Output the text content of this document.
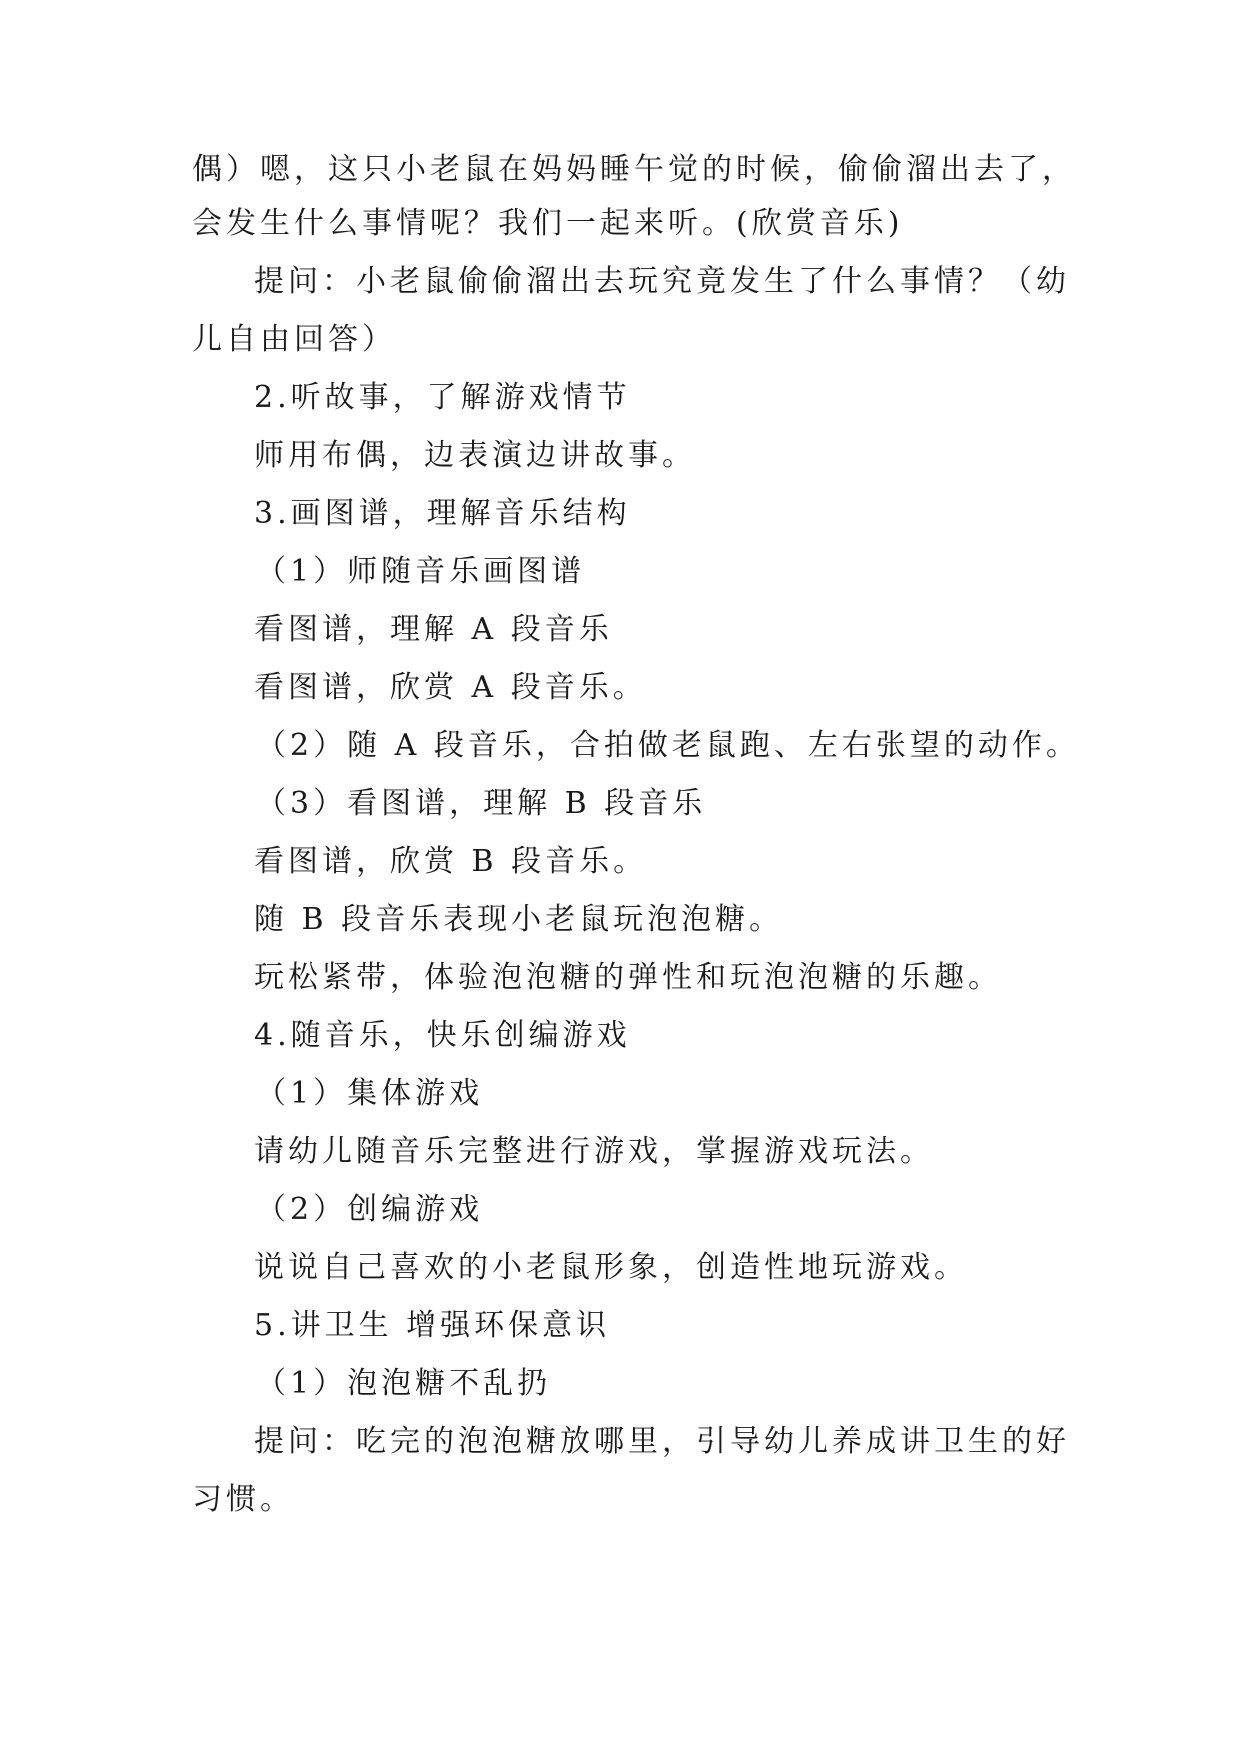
偶）嗯，这只小老鼠在妈妈睡午觉的时候，偷偷溜出去了，
会发生什么事情呢？我们一起来听。(欣赏音乐)
提问：小老鼠偷偷溜出去玩究竟发生了什么事情？（幼
儿自由回答）
2.听故事，了解游戏情节
师用布偶，边表演边讲故事。
3.画图谱，理解音乐结构
（1）师随音乐画图谱
看图谱，理解 A 段音乐
看图谱，欣赏 A 段音乐。
（2）随 A 段音乐，合拍做老鼠跑、左右张望的动作。
（3）看图谱，理解 B 段音乐
看图谱，欣赏 B 段音乐。
随 B 段音乐表现小老鼠玩泡泡糖。
玩松紧带，体验泡泡糖的弹性和玩泡泡糖的乐趣。
4.随音乐，快乐创编游戏
（1）集体游戏
请幼儿随音乐完整进行游戏，掌握游戏玩法。
（2）创编游戏
说说自己喜欢的小老鼠形象，创造性地玩游戏。
5.讲卫生 增强环保意识
（1）泡泡糖不乱扔
提问：吃完的泡泡糖放哪里，引导幼儿养成讲卫生的好
习惯。
